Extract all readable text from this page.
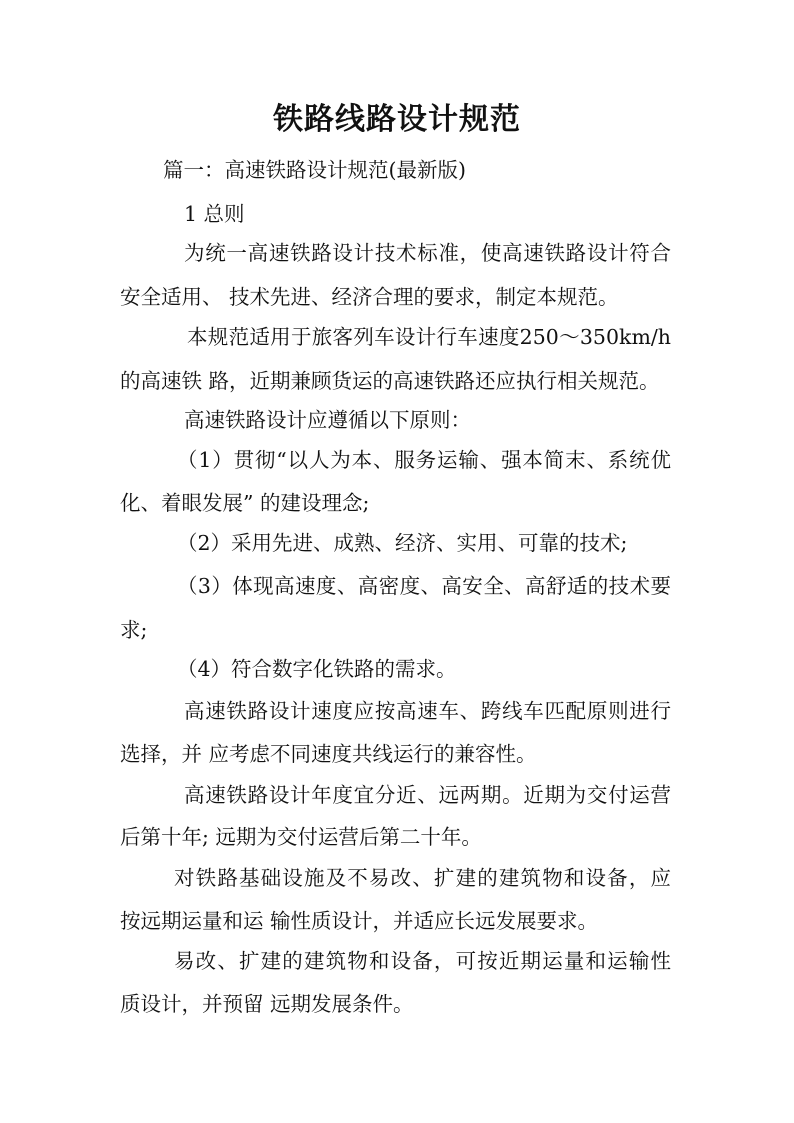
铁路线路设计规范
篇一：高速铁路设计规范(最新版)
1 总则
为统一高速铁路设计技术标准，使高速铁路设计符合
安全适用、 技术先进、经济合理的要求，制定本规范。
本规范适用于旅客列车设计行车速度250～350km/h
的高速铁 路，近期兼顾货运的高速铁路还应执行相关规范。
高速铁路设计应遵循以下原则：
（1）贯彻“以人为本、服务运输、强本简末、系统优
化、着眼发展” 的建设理念;
（2）采用先进、成熟、经济、实用、可靠的技术;
（3）体现高速度、高密度、高安全、高舒适的技术要
求;
（4）符合数字化铁路的需求。
高速铁路设计速度应按高速车、跨线车匹配原则进行
选择，并 应考虑不同速度共线运行的兼容性。
高速铁路设计年度宜分近、远两期。近期为交付运营
后第十年; 远期为交付运营后第二十年。
对铁路基础设施及不易改、扩建的建筑物和设备，应
按远期运量和运 输性质设计，并适应长远发展要求。
易改、扩建的建筑物和设备，可按近期运量和运输性
质设计，并预留 远期发展条件。
